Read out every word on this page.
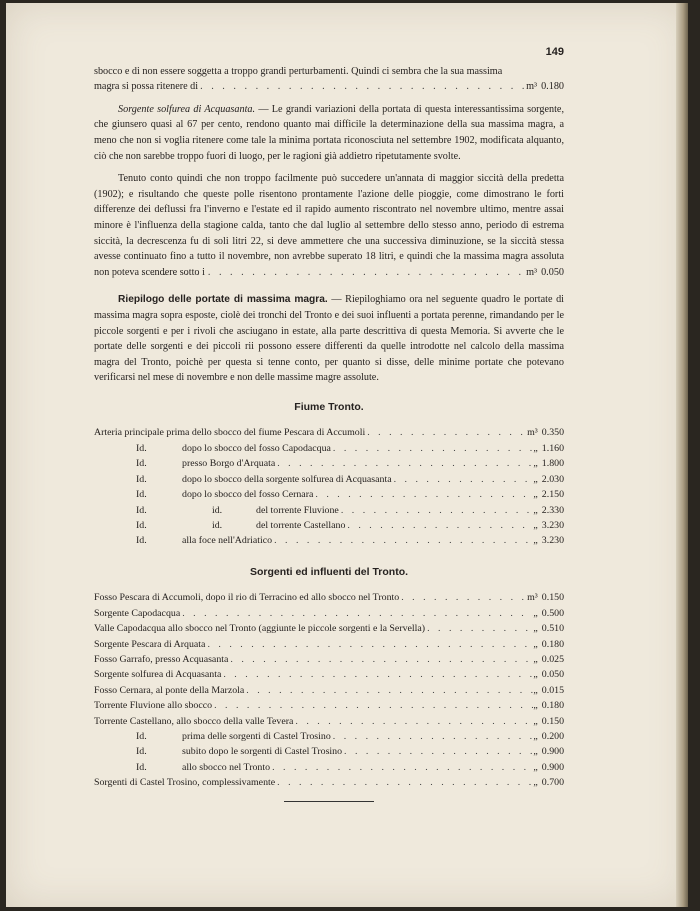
149

sbocco e di non essere soggetta a troppo grandi perturbamenti. Quindi ci sembra che la sua massima

magra si possa ritenere di . . .	m³ 0.180

Sorgente solfurea di Acquasanta. — Le grandi variazioni della portata di questa interessantissima sorgente, che giunsero quasi al 67 per cento, rendono quanto mai difficile la determinazione della sua massima magra, a meno che non si voglia ritenere come tale la minima portata riconosciuta nel settembre 1902, modificata alquanto, ciò che non sarebbe troppo fuori di luogo, per le ragioni già addietro ripetutamente svolte.

Tenuto conto quindi che non troppo facilmente può succedere un'annata di maggior siccità della predetta (1902); e risultando che queste polle risentono prontamente l'azione delle pioggie, come dimostrano le forti differenze dei deflussi fra l'inverno e l'estate ed il rapido aumento riscontrato nel novembre ultimo, mentre assai minore è l'influenza della stagione calda, tanto che dal luglio al settembre dello stesso anno, periodo di estrema siccità, la decrescenza fu di soli litri 22, si deve ammettere che una successiva diminuzione, se la siccità stessa avesse continuato fino a tutto il novembre, non avrebbe superato 18 litri, e quindi che la massima magra assoluta non poteva scendere sotto i . . .	m³ 0.050

Riepilogo delle portate di massima magra. — Riepiloghiamo ora nel seguente quadro le portate di massima magra sopra esposte, ciolè dei tronchi del Tronto e dei suoi influenti a portata perenne, rimandando per le piccole sorgenti e per i rivoli che asciugano in estate, alla parte descrittiva di questa Memoria. Si avverte che le portate delle sorgenti e dei piccoli rii possono essere differenti da quelle introdotte nel calcolo della massima magra del Tronto, poichè per questa si tenne conto, per quanto si disse, delle minime portate che potevano verificarsi nel mese di novembre e non delle massime magre assolute.

Fiume Tronto.
Arteria principale prima dello sbocco del fiume Pescara di Accumoli . . .	m³ 0.350
Id.	dopo lo sbocco del fosso Capodacqua . . .	„ 1.160
Id.	presso Borgo d'Arquata . . .	„ 1.800
Id.	dopo lo sbocco della sorgente solfurea di Acquasanta . . .	„ 2.030
Id.	dopo lo sbocco del fosso Cernara . . .	„ 2.150
Id.	id.	del torrente Fluvione . . .	„ 2.330
Id.	id.	del torrente Castellano . . .	„ 3.230
Id.	alla foce nell'Adriatico . . .	„ 3.230
Sorgenti ed influenti del Tronto.
Fosso Pescara di Accumoli, dopo il rio di Terracino ed allo sbocco nel Tronto . . .	m³ 0.150
Sorgente Capodacqua . . .	„ 0.500
Valle Capodacqua allo sbocco nel Tronto (aggiunte le piccole sorgenti e la Servella) . . .	„ 0.510
Sorgente Pescara di Arquata . . .	„ 0.180
Fosso Garrafo, presso Acquasanta . . .	„ 0.025
Sorgente solfurea di Acquasanta . . .	„ 0.050
Fosso Cernara, al ponte della Marzola . . .	„ 0.015
Torrente Fluvione allo sbocco . . .	„ 0.180
Torrente Castellano, allo sbocco della valle Tevera . . .	„ 0.150
Id.	prima delle sorgenti di Castel Trosino . . .	„ 0.200
Id.	subito dopo le sorgenti di Castel Trosino . . .	„ 0.900
Id.	allo sbocco nel Tronto . . .	„ 0.900
Sorgenti di Castel Trosino, complessivamente . . .	„ 0.700
